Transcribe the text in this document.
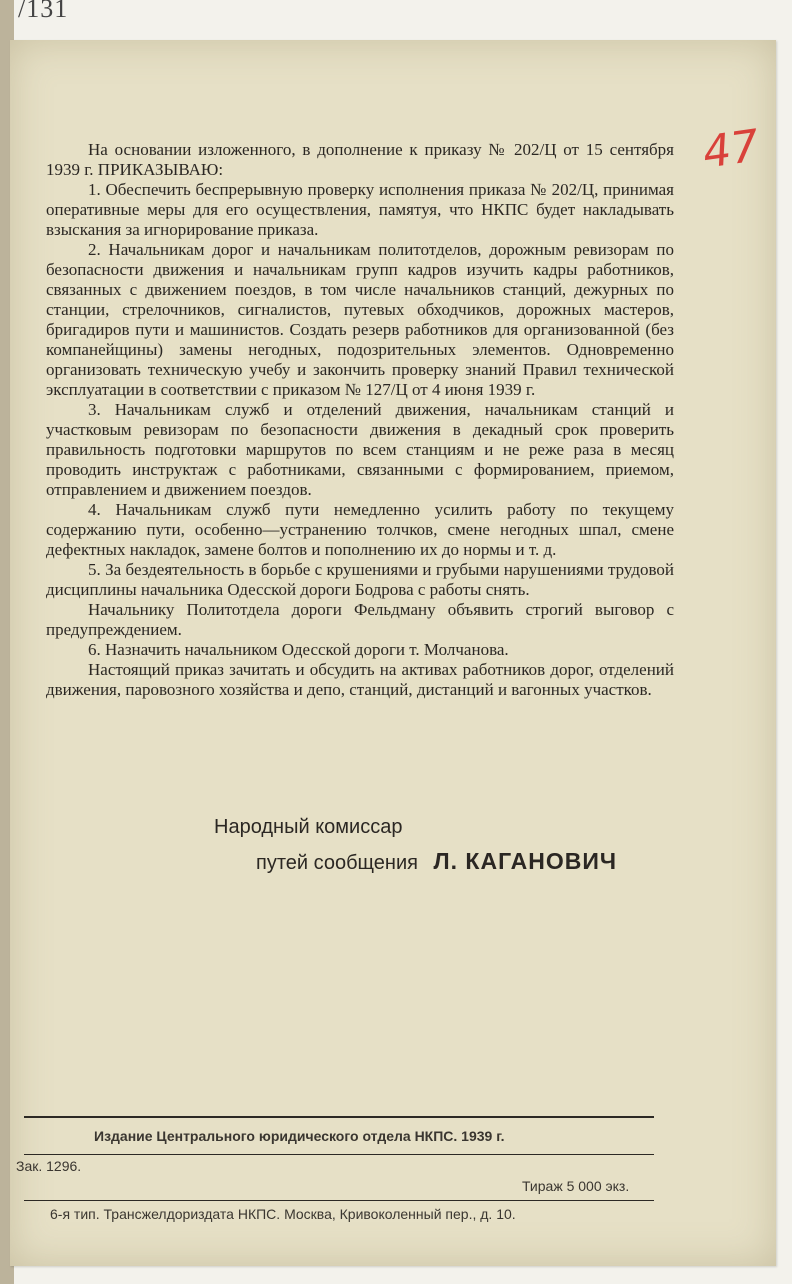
/131
47

На основании изложенного, в дополнение к приказу № 202/Ц от 15 сентября 1939 г. ПРИКАЗЫВАЮ:

1. Обеспечить беспрерывную проверку исполнения приказа № 202/Ц, принимая оперативные меры для его осуществления, памятуя, что НКПС будет накладывать взыскания за игнорирование приказа.

2. Начальникам дорог и начальникам политотделов, дорожным ревизорам по безопасности движения и начальникам групп кадров изучить кадры работников, связанных с движением поездов, в том числе начальников станций, дежурных по станции, стрелочников, сигналистов, путевых обходчиков, дорожных мастеров, бригадиров пути и машинистов. Создать резерв работников для организованной (без компанейщины) замены негодных, подозрительных элементов. Одновременно организовать техническую учебу и закончить проверку знаний Правил технической эксплуатации в соответствии с приказом № 127/Ц от 4 июня 1939 г.

3. Начальникам служб и отделений движения, начальникам станций и участковым ревизорам по безопасности движения в декадный срок проверить правильность подготовки маршрутов по всем станциям и не реже раза в месяц проводить инструктаж с работниками, связанными с формированием, приемом, отправлением и движением поездов.

4. Начальникам служб пути немедленно усилить работу по текущему содержанию пути, особенно—устранению толчков, смене негодных шпал, смене дефектных накладок, замене болтов и пополнению их до нормы и т. д.

5. За бездеятельность в борьбе с крушениями и грубыми нарушениями трудовой дисциплины начальника Одесской дороги Бодрова с работы снять.

Начальнику Политотдела дороги Фельдману объявить строгий выговор с предупреждением.

6. Назначить начальником Одесской дороги т. Молчанова.

Настоящий приказ зачитать и обсудить на активах работников дорог, отделений движения, паровозного хозяйства и депо, станций, дистанций и вагонных участков.

Народный комиссар
путей сообщения Л. КАГАНОВИЧ
Издание Центрального юридического отдела НКПС. 1939 г.
Зак. 1296.
Тираж 5 000 экз.
6-я тип. Трансжелдориздата НКПС. Москва, Кривоколенный пер., д. 10.
